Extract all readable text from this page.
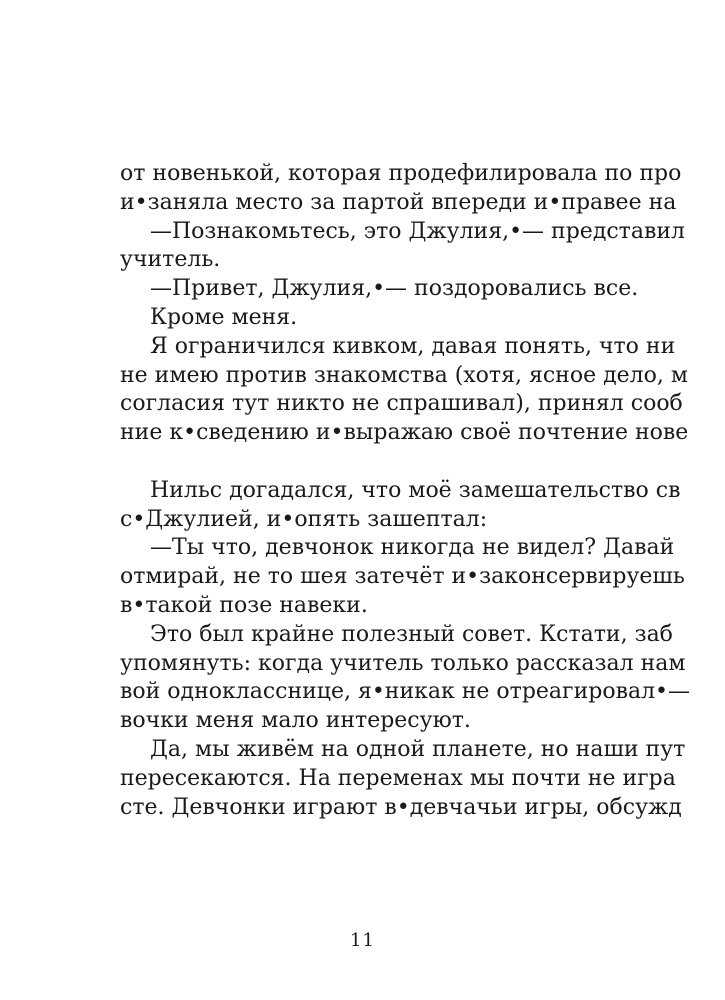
от новенькой, которая продефилировала по про
и•заняла место за партой впереди и•правее на
—Познакомьтесь, это Джулия,•— представил
учитель.
—Привет, Джулия,•— поздоровались все.
Кроме меня.
Я ограничился кивком, давая понять, что ни
не имею против знакомства (хотя, ясное дело, м
согласия тут никто не спрашивал), принял сооб
ние к•сведению и•выражаю своё почтение нове
Нильс догадался, что моё замешательство св
с•Джулией, и•опять зашептал:
—Ты что, девчонок никогда не видел? Давай
отмирай, не то шея затечёт и•законсервируешь
в•такой позе навеки.
Это был крайне полезный совет. Кстати, заб
упомянуть: когда учитель только рассказал нам
вой однокласснице, я•никак не отреагировал•—
вочки меня мало интересуют.
Да, мы живём на одной планете, но наши пут
пересекаются. На переменах мы почти не игра
сте. Девчонки играют в•девчачьи игры, обсужд
11
